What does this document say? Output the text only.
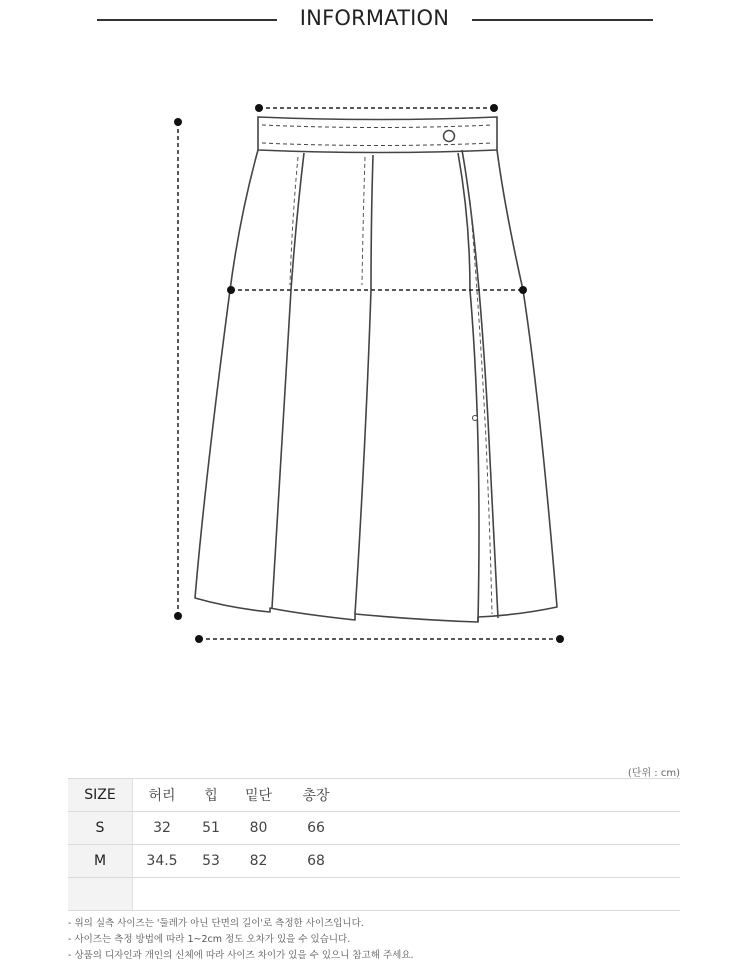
INFORMATION
(단위 : cm)
SIZE	허리	힙	밑단	총장	
S	32	51	80	66	
M	34.5	53	82	68	

- 위의 실측 사이즈는 '둘레가 아닌 단면의 길이'로 측정한 사이즈입니다.
- 사이즈는 측정 방법에 따라 1~2cm 정도 오차가 있을 수 있습니다.
- 상품의 디자인과 개인의 신체에 따라 사이즈 차이가 있을 수 있으니 참고해 주세요.
